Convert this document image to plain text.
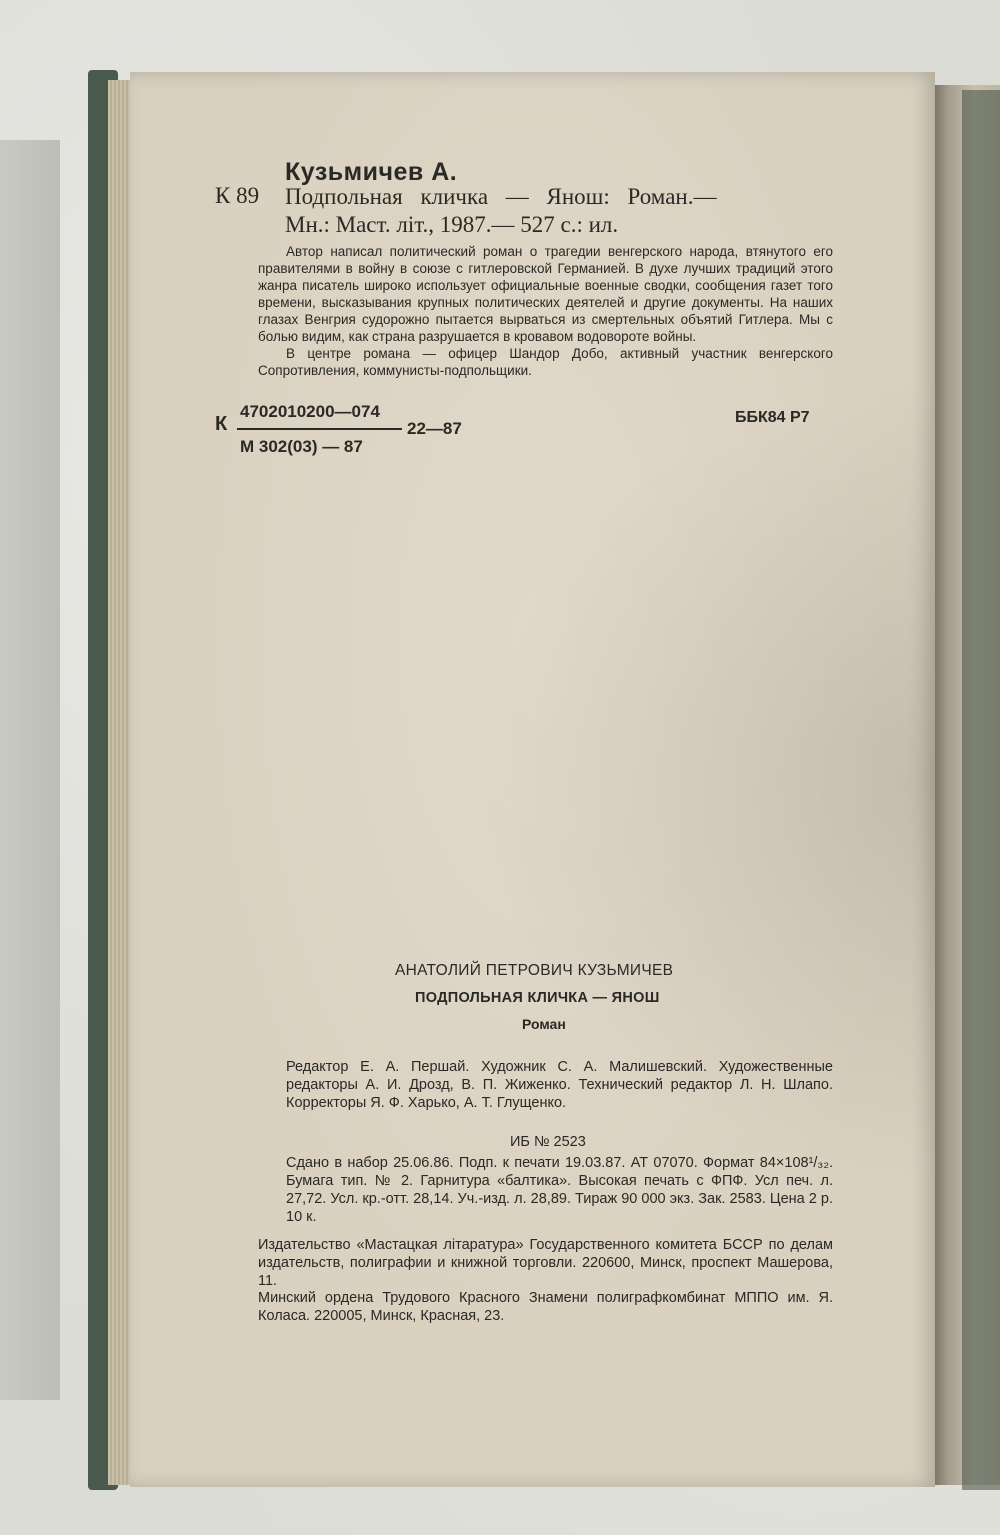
Кузьмичев А.
К 89 Подпольная кличка — Янош: Роман.—
Мн.: Маст. літ., 1987.— 527 с.: ил.

Автор написал политический роман о трагедии венгерского народа, втянутого его правителями в войну в союзе с гитлеровской Германией. В духе лучших традиций этого жанра писатель широко использует официальные военные сводки, сообщения газет того времени, высказывания крупных политических деятелей и другие документы. На наших глазах Венгрия судорожно пытается вырваться из смертельных объятий Гитлера. Мы с болью видим, как страна разрушается в кровавом водовороте войны.

В центре романа — офицер Шандор Добо, активный участник венгерского Сопротивления, коммунисты-подпольщики.

К
4702010200—074
М 302(03) — 87
22—87
ББК84 Р7
АНАТОЛИЙ ПЕТРОВИЧ КУЗЬМИЧЕВ
ПОДПОЛЬНАЯ КЛИЧКА — ЯНОШ
Роман

Редактор Е. А. Першай. Художник С. А. Малишевский. Художественные редакторы А. И. Дрозд, В. П. Жиженко. Технический редактор Л. Н. Шлапо. Корректоры Я. Ф. Харько, А. Т. Глущенко.

ИБ № 2523

Сдано в набор 25.06.86. Подп. к печати 19.03.87. АТ 07070. Формат 84×108¹/₃₂. Бумага тип. № 2. Гарнитура «балтика». Высокая печать с ФПФ. Усл печ. л. 27,72. Усл. кр.-отт. 28,14. Уч.-изд. л. 28,89. Тираж 90 000 экз. Зак. 2583. Цена 2 р. 10 к.

Издательство «Мастацкая літаратура» Государственного комитета БССР по делам издательств, полиграфии и книжной торговли. 220600, Минск, проспект Машерова, 11.

Минский ордена Трудового Красного Знамени полиграфкомбинат МППО им. Я. Коласа. 220005, Минск, Красная, 23.
